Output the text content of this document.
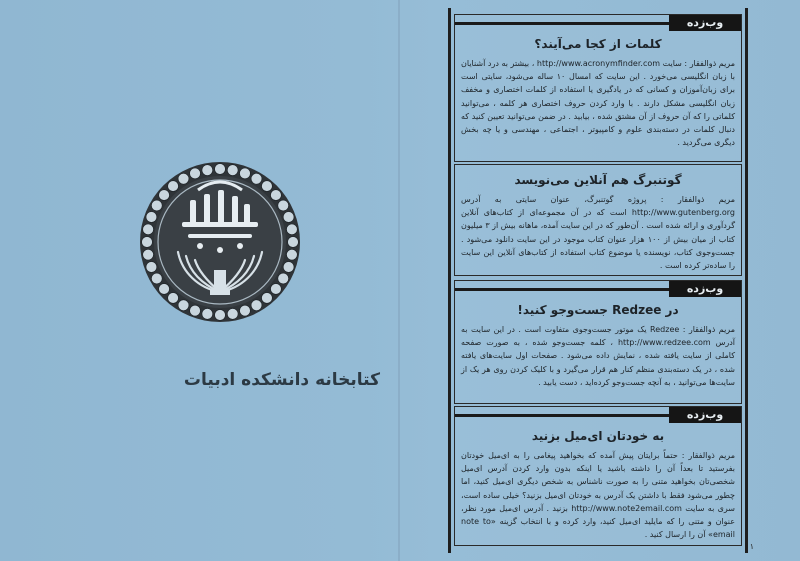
کتابخانه دانشکده ادبیات
وب‌زده

کلمات از کجا می‌آیند؟

مریم ذوالفقار : سایت http://www.acronymfinder.com ، بیشتر به درد آشنایان با زبان انگلیسی می‌خورد . این سایت که امسال ۱۰ ساله می‌شود، سایتی است برای زبان‌آموزان و کسانی که در یادگیری یا استفاده از کلمات اختصاری و مخفف زبان انگلیسی مشکل دارند . با وارد کردن حروف اختصاری هر کلمه ، می‌توانید کلماتی را که آن حروف از آن مشتق شده ، بیابید . در ضمن می‌توانید تعیین کنید که دنبال کلمات در دسته‌بندی علوم و کامپیوتر ، اجتماعی ، مهندسی و یا چه بخش دیگری می‌گردید .

گوتنبرگ هم آنلاین می‌نویسد

مریم ذوالفقار : پروژه گوتنبرگ، عنوان سایتی به آدرس http://www.gutenberg.org است که در آن مجموعه‌ای از کتاب‌های آنلاین گردآوری و ارائه شده است . آن‌طور که در این سایت آمده، ماهانه بیش از ۳ میلیون کتاب از میان بیش از ۱۰۰ هزار عنوان کتاب موجود در این سایت دانلود می‌شود . جست‌وجوی کتاب، نویسنده یا موضوع کتاب استفاده از کتاب‌های آنلاین این سایت را ساده‌تر کرده است .

وب‌زده

در Redzee جست‌وجو کنید!

مریم ذوالفقار : Redzee یک موتور جست‌وجوی متفاوت است . در این سایت به آدرس http://www.redzee.com ، کلمه جست‌وجو شده ، به صورت صفحه کاملی از سایت یافته شده ، نمایش داده می‌شود . صفحات اول سایت‌های یافته شده ، در یک دسته‌بندی منظم کنار هم قرار می‌گیرد و با کلیک کردن روی هر یک از سایت‌ها می‌توانید ، به آنچه جست‌وجو کرده‌اید ، دست یابید .

وب‌زده

به خودتان ای‌میل بزنید

مریم ذوالفقار : حتماً برایتان پیش آمده که بخواهید پیغامی را به ای‌میل خودتان بفرستید تا بعداً آن را داشته باشید یا اینکه بدون وارد کردن آدرس ای‌میل شخصی‌تان بخواهید متنی را به صورت ناشناس به شخص دیگری ای‌میل کنید، اما چطور می‌شود فقط با داشتن یک آدرس به خودتان ای‌میل بزنید؟ خیلی ساده است، سری به سایت http://www.note2email.com بزنید . آدرس ای‌میل مورد نظر، عنوان و متنی را که مایلید ای‌میل کنید، وارد کرده و با انتخاب گزینه «note to email» آن را ارسال کنید .

۱
